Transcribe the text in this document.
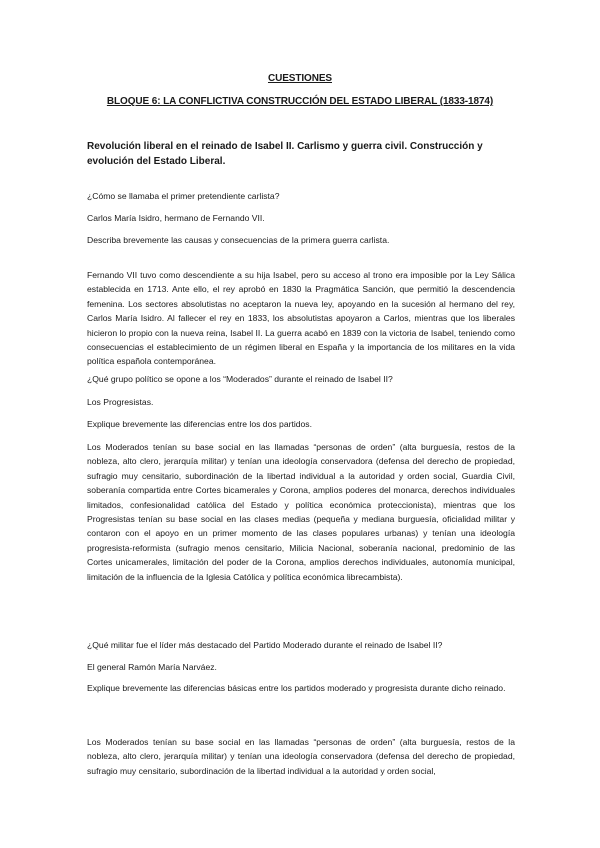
CUESTIONES
BLOQUE 6: LA CONFLICTIVA CONSTRUCCIÓN DEL ESTADO LIBERAL (1833-1874)

Revolución liberal en el reinado de Isabel II. Carlismo y guerra civil. Construcción y evolución del Estado Liberal.

¿Cómo se llamaba el primer pretendiente carlista?

Carlos María Isidro, hermano de Fernando VII.

Describa brevemente las causas y consecuencias de la primera guerra carlista.

Fernando VII tuvo como descendiente a su hija Isabel, pero su acceso al trono era imposible por la Ley Sálica establecida en 1713. Ante ello, el rey aprobó en 1830 la Pragmática Sanción, que permitió la descendencia femenina. Los sectores absolutistas no aceptaron la nueva ley, apoyando en la sucesión al hermano del rey, Carlos María Isidro. Al fallecer el rey en 1833, los absolutistas apoyaron a Carlos, mientras que los liberales hicieron lo propio con la nueva reina, Isabel II. La guerra acabó en 1839 con la victoria de Isabel, teniendo como consecuencias el establecimiento de un régimen liberal en España y la importancia de los militares en la vida política española contemporánea.

¿Qué grupo político se opone a los “Moderados” durante el reinado de Isabel II?

Los Progresistas.

Explique brevemente las diferencias entre los dos partidos.

Los Moderados tenían su base social en las llamadas “personas de orden” (alta burguesía, restos de la nobleza, alto clero, jerarquía militar) y tenían una ideología conservadora (defensa del derecho de propiedad, sufragio muy censitario, subordinación de la libertad individual a la autoridad y orden social, Guardia Civil, soberanía compartida entre Cortes bicamerales y Corona, amplios poderes del monarca, derechos individuales limitados, confesionalidad católica del Estado y política económica proteccionista), mientras que los Progresistas tenían su base social en las clases medias (pequeña y mediana burguesía, oficialidad militar y contaron con el apoyo en un primer momento de las clases populares urbanas) y tenían una ideología progresista-reformista (sufragio menos censitario, Milicia Nacional, soberanía nacional, predominio de las Cortes unicamerales, limitación del poder de la Corona, amplios derechos individuales, autonomía municipal, limitación de la influencia de la Iglesia Católica y política económica librecambista).

¿Qué militar fue el líder más destacado del Partido Moderado durante el reinado de Isabel II?

El general Ramón María Narváez.

Explique brevemente las diferencias básicas entre los partidos moderado y progresista durante dicho reinado.

Los Moderados tenían su base social en las llamadas “personas de orden” (alta burguesía, restos de la nobleza, alto clero, jerarquía militar) y tenían una ideología conservadora (defensa del derecho de propiedad, sufragio muy censitario, subordinación de la libertad individual a la autoridad y orden social,
